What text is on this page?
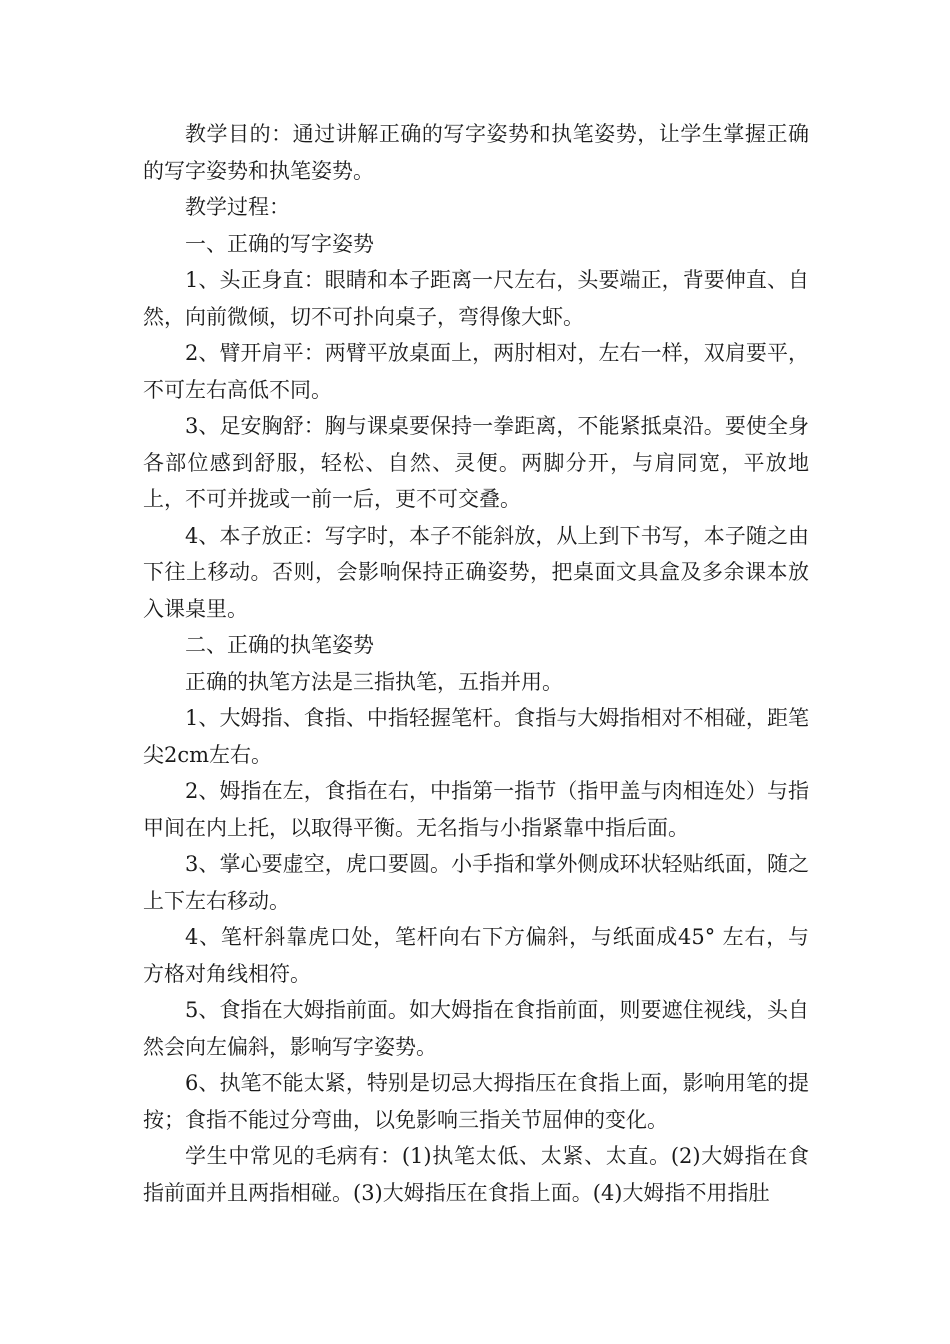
教学目的：通过讲解正确的写字姿势和执笔姿势，让学生掌握正确的写字姿势和执笔姿势。

教学过程：

一、正确的写字姿势

1、头正身直：眼睛和本子距离一尺左右，头要端正，背要伸直、自然，向前微倾，切不可扑向桌子，弯得像大虾。

2、臂开肩平：两臂平放桌面上，两肘相对，左右一样，双肩要平，不可左右高低不同。

3、足安胸舒：胸与课桌要保持一拳距离，不能紧抵桌沿。要使全身各部位感到舒服，轻松、自然、灵便。两脚分开，与肩同宽，平放地上，不可并拢或一前一后，更不可交叠。

4、本子放正：写字时，本子不能斜放，从上到下书写，本子随之由下往上移动。否则，会影响保持正确姿势，把桌面文具盒及多余课本放入课桌里。

二、正确的执笔姿势

正确的执笔方法是三指执笔，五指并用。

1、大姆指、食指、中指轻握笔杆。食指与大姆指相对不相碰，距笔尖2cm左右。

2、姆指在左，食指在右，中指第一指节（指甲盖与肉相连处）与指甲间在内上托，以取得平衡。无名指与小指紧靠中指后面。

3、掌心要虚空，虎口要圆。小手指和掌外侧成环状轻贴纸面，随之上下左右移动。

4、笔杆斜靠虎口处，笔杆向右下方偏斜，与纸面成45° 左右，与方格对角线相符。

5、食指在大姆指前面。如大姆指在食指前面，则要遮住视线，头自然会向左偏斜，影响写字姿势。

6、执笔不能太紧，特别是切忌大拇指压在食指上面，影响用笔的提按；食指不能过分弯曲，以免影响三指关节屈伸的变化。

学生中常见的毛病有：(1)执笔太低、太紧、太直。(2)大姆指在食指前面并且两指相碰。(3)大姆指压在食指上面。(4)大姆指不用指肚
